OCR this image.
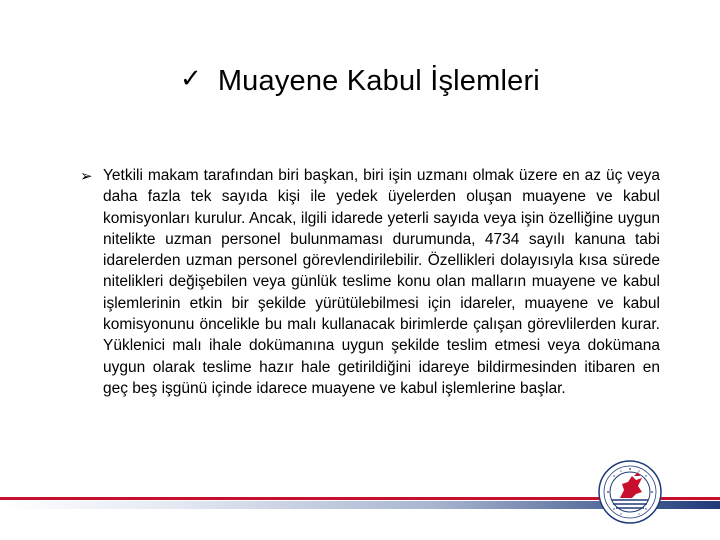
✓ Muayene Kabul İşlemleri
➢ Yetkili makam tarafından biri başkan, biri işin uzmanı olmak üzere en az üç veya daha fazla tek sayıda kişi ile yedek üyelerden oluşan muayene ve kabul komisyonları kurulur. Ancak, ilgili idarede yeterli sayıda veya işin özelliğine uygun nitelikte uzman personel bulunmaması durumunda, 4734 sayılı kanuna tabi idarelerden uzman personel görevlendirilebilir. Özellikleri dolayısıyla kısa sürede nitelikleri değişebilen veya günlük teslime konu olan malların muayene ve kabul işlemlerinin etkin bir şekilde yürütülebilmesi için idareler, muayene ve kabul komisyonunu öncelikle bu malı kullanacak birimlerde çalışan görevlilerden kurar. Yüklenici malı ihale dokümanına uygun şekilde teslim etmesi veya dokümana uygun olarak teslime hazır hale getirildiğini idareye bildirmesinden itibaren en geç beş işgünü içinde idarece muayene ve kabul işlemlerine başlar.
